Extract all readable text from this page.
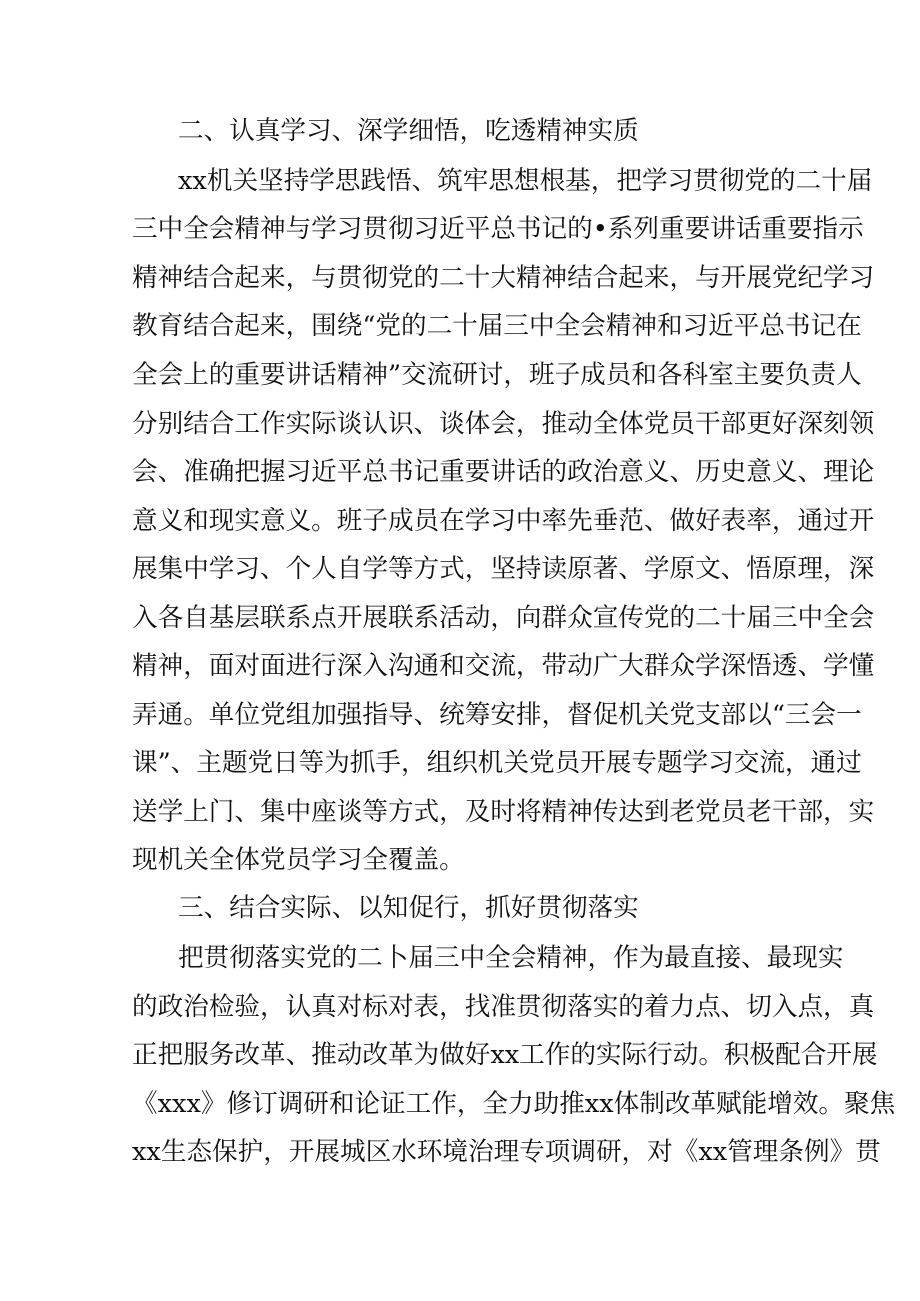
二、认真学习、深学细悟，吃透精神实质
xx机关坚持学思践悟、筑牢思想根基，把学习贯彻党的二十届
三中全会精神与学习贯彻习近平总书记的•系列重要讲话重要指示
精神结合起来，与贯彻党的二十大精神结合起来，与开展党纪学习
教育结合起来，围绕“党的二十届三中全会精神和习近平总书记在
全会上的重要讲话精神”交流研讨，班子成员和各科室主要负责人
分别结合工作实际谈认识、谈体会，推动全体党员干部更好深刻领
会、准确把握习近平总书记重要讲话的政治意义、历史意义、理论
意义和现实意义。班子成员在学习中率先垂范、做好表率，通过开
展集中学习、个人自学等方式，坚持读原著、学原文、悟原理，深
入各自基层联系点开展联系活动，向群众宣传党的二十届三中全会
精神，面对面进行深入沟通和交流，带动广大群众学深悟透、学懂
弄通。单位党组加强指导、统筹安排，督促机关党支部以“三会一
课”、主题党日等为抓手，组织机关党员开展专题学习交流，通过
送学上门、集中座谈等方式，及时将精神传达到老党员老干部，实
现机关全体党员学习全覆盖。
三、结合实际、以知促行，抓好贯彻落实
把贯彻落实党的二卜届三中全会精神，作为最直接、最现实
的政治检验，认真对标对表，找准贯彻落实的着力点、切入点，真
正把服务改革、推动改革为做好xx工作的实际行动。积极配合开展
《xxx》修订调研和论证工作，全力助推xx体制改革赋能增效。聚焦
xx生态保护，开展城区水环境治理专项调研，对《xx管理条例》贯
